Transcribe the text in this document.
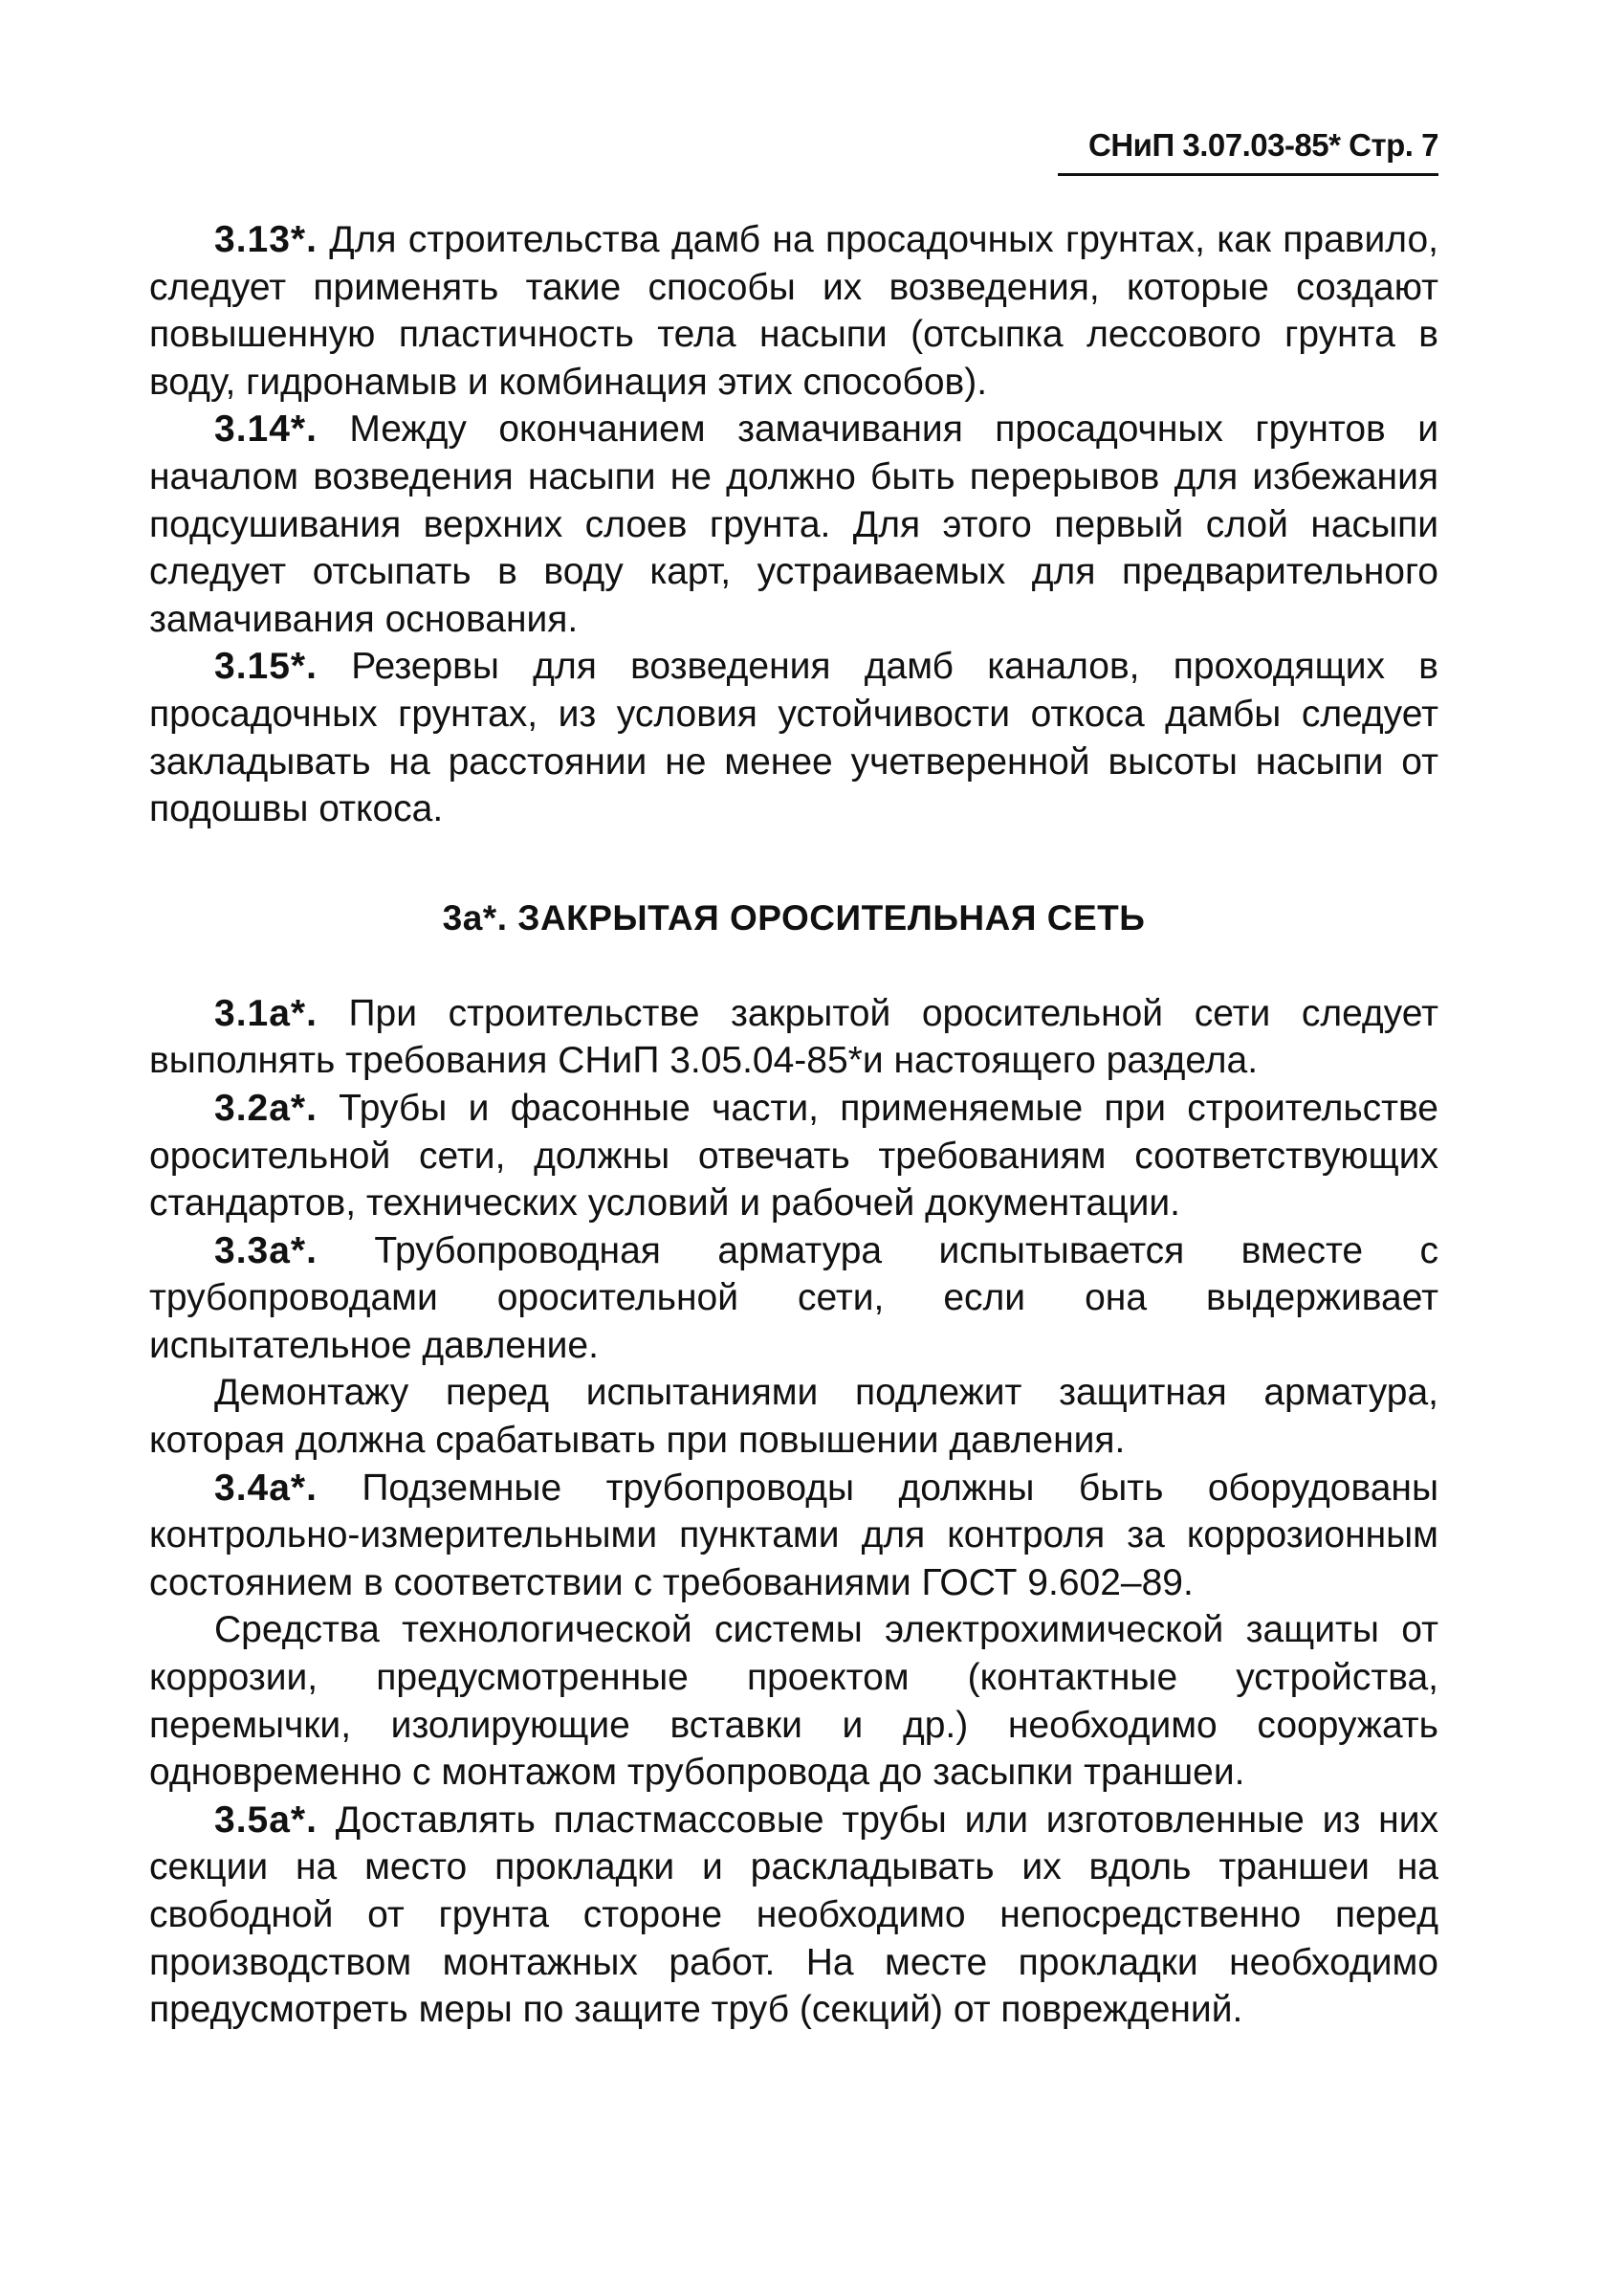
СНиП 3.07.03-85* Стр. 7

3.13*. Для строительства дамб на просадочных грунтах, как правило, следует применять такие способы их возведения, которые создают повышенную пластичность тела насыпи (отсыпка лессового грунта в воду, гидронамыв и комбинация этих способов).

3.14*. Между окончанием замачивания просадочных грунтов и началом возведения насыпи не должно быть перерывов для избежания подсушивания верхних слоев грунта. Для этого первый слой насыпи следует отсыпать в воду карт, устраиваемых для предварительного замачивания основания.

3.15*. Резервы для возведения дамб каналов, проходящих в просадочных грунтах, из условия устойчивости откоса дамбы следует закладывать на расстоянии не менее учетверенной высоты насыпи от подошвы откоса.

3а*. ЗАКРЫТАЯ ОРОСИТЕЛЬНАЯ СЕТЬ

3.1а*. При строительстве закрытой оросительной сети следует выполнять требования СНиП 3.05.04-85*и настоящего раздела.

3.2а*. Трубы и фасонные части, применяемые при строительстве оросительной сети, должны отвечать требованиям соответствующих стандартов, технических условий и рабочей документации.

3.3а*. Трубопроводная арматура испытывается вместе с трубопроводами оросительной сети, если она выдерживает испытательное давление.

Демонтажу перед испытаниями подлежит защитная арматура, которая должна срабатывать при повышении давления.

3.4а*. Подземные трубопроводы должны быть оборудованы контрольно-измерительными пунктами для контроля за коррозионным состоянием в соответствии с требованиями ГОСТ 9.602–89.

Средства технологической системы электрохимической защиты от коррозии, предусмотренные проектом (контактные устройства, перемычки, изолирующие вставки и др.) необходимо сооружать одновременно с монтажом трубопровода до засыпки траншеи.

3.5а*. Доставлять пластмассовые трубы или изготовленные из них секции на место прокладки и раскладывать их вдоль траншеи на свободной от грунта стороне необходимо непосредственно перед производством монтажных работ. На месте прокладки необходимо предусмотреть меры по защите труб (секций) от повреждений.
